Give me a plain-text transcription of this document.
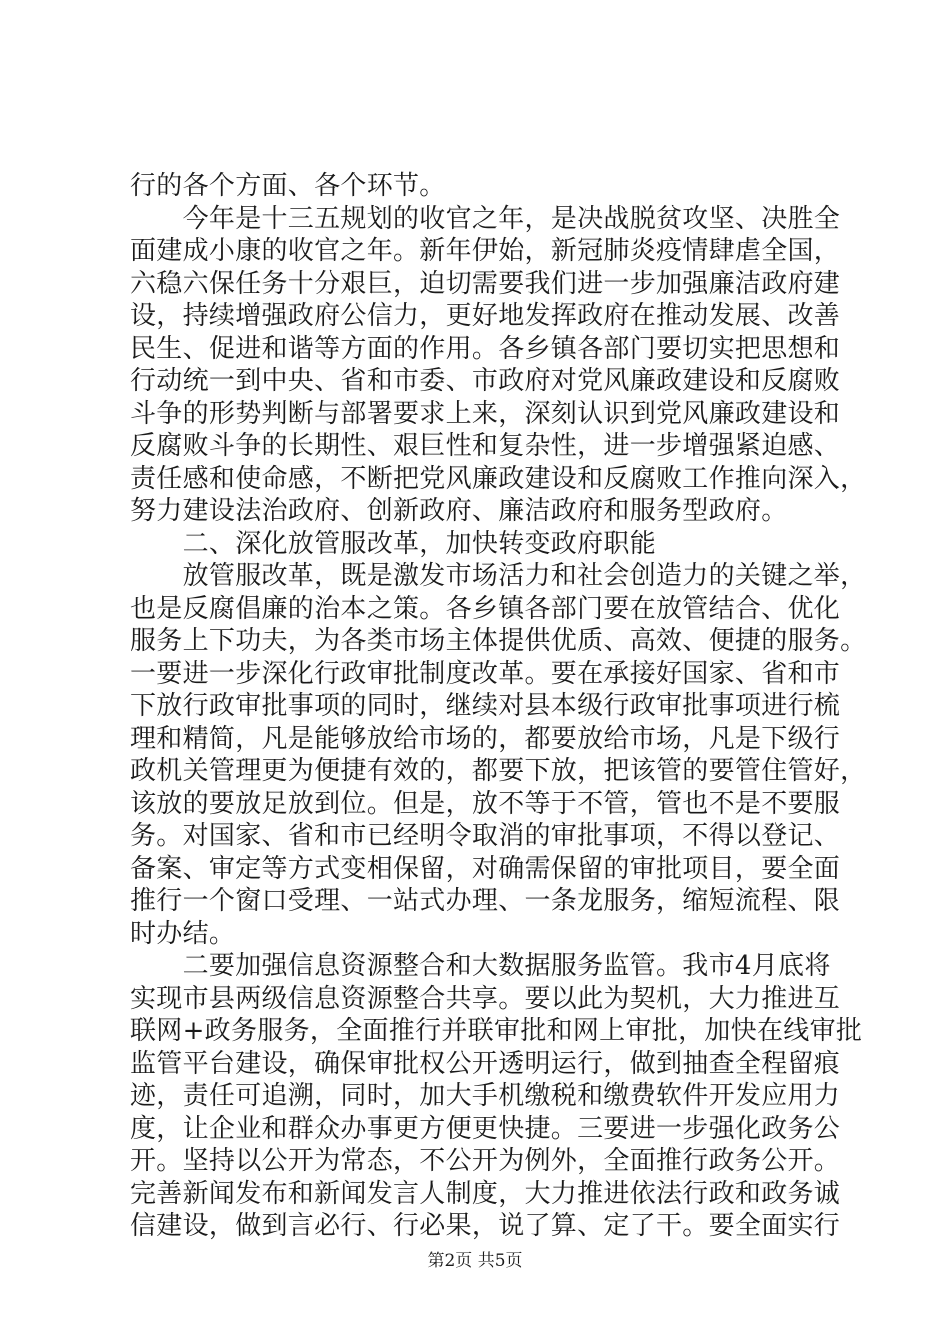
行的各个方面、各个环节。
　　今年是十三五规划的收官之年，是决战脱贫攻坚、决胜全
面建成小康的收官之年。新年伊始，新冠肺炎疫情肆虐全国，
六稳六保任务十分艰巨，迫切需要我们进一步加强廉洁政府建
设，持续增强政府公信力，更好地发挥政府在推动发展、改善
民生、促进和谐等方面的作用。各乡镇各部门要切实把思想和
行动统一到中央、省和市委、市政府对党风廉政建设和反腐败
斗争的形势判断与部署要求上来，深刻认识到党风廉政建设和
反腐败斗争的长期性、艰巨性和复杂性，进一步增强紧迫感、
责任感和使命感，不断把党风廉政建设和反腐败工作推向深入，
努力建设法治政府、创新政府、廉洁政府和服务型政府。
　　二、深化放管服改革，加快转变政府职能
　　放管服改革，既是激发市场活力和社会创造力的关键之举，
也是反腐倡廉的治本之策。各乡镇各部门要在放管结合、优化
服务上下功夫，为各类市场主体提供优质、高效、便捷的服务。
一要进一步深化行政审批制度改革。要在承接好国家、省和市
下放行政审批事项的同时，继续对县本级行政审批事项进行梳
理和精简，凡是能够放给市场的，都要放给市场，凡是下级行
政机关管理更为便捷有效的，都要下放，把该管的要管住管好，
该放的要放足放到位。但是，放不等于不管，管也不是不要服
务。对国家、省和市已经明令取消的审批事项，不得以登记、
备案、审定等方式变相保留，对确需保留的审批项目，要全面
推行一个窗口受理、一站式办理、一条龙服务，缩短流程、限
时办结。
　　二要加强信息资源整合和大数据服务监管。我市4月底将
实现市县两级信息资源整合共享。要以此为契机，大力推进互
联网+政务服务，全面推行并联审批和网上审批，加快在线审批
监管平台建设，确保审批权公开透明运行，做到抽查全程留痕
迹，责任可追溯，同时，加大手机缴税和缴费软件开发应用力
度，让企业和群众办事更方便更快捷。三要进一步强化政务公
开。坚持以公开为常态，不公开为例外，全面推行政务公开。
完善新闻发布和新闻发言人制度，大力推进依法行政和政务诚
信建设，做到言必行、行必果，说了算、定了干。要全面实行
第2页 共5页
